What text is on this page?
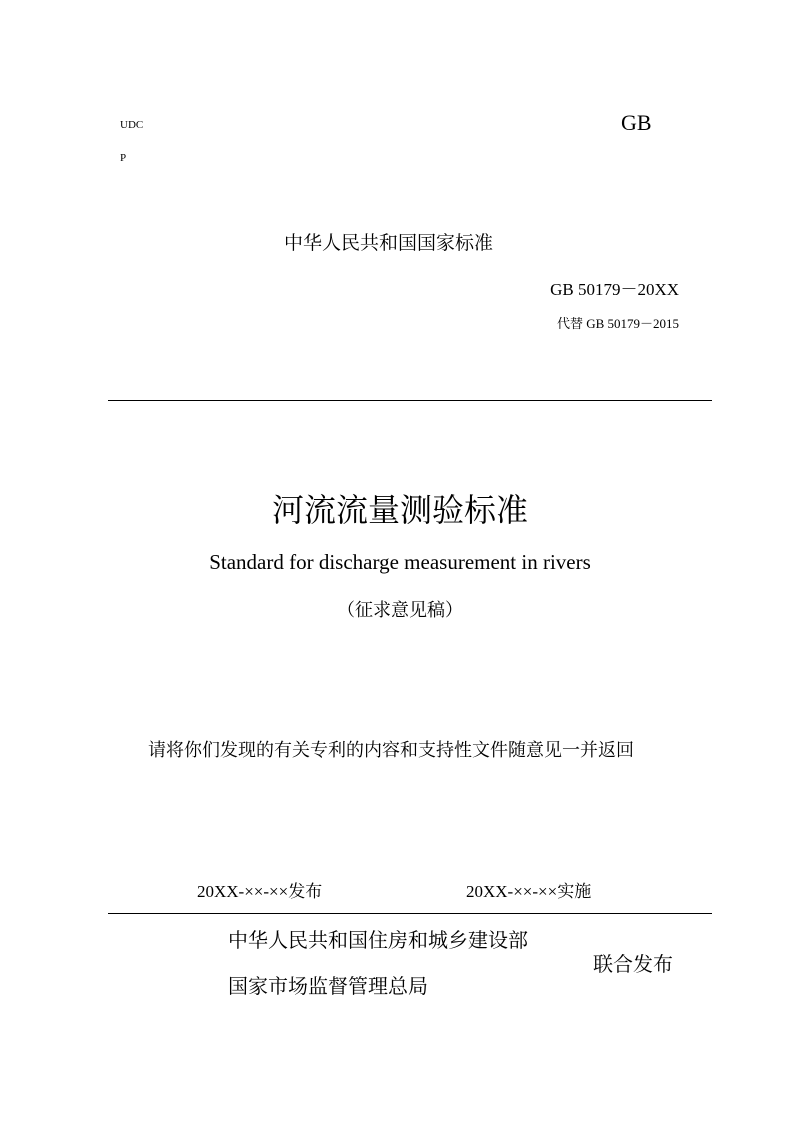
UDC
P
GB
中华人民共和国国家标准
GB 50179－20XX
代替 GB 50179－2015
河流流量测验标准
Standard for discharge measurement in rivers
（征求意见稿）
请将你们发现的有关专利的内容和支持性文件随意见一并返回
20XX-××-××发布	20XX-××-××实施
中华人民共和国住房和城乡建设部
国家市场监督管理总局
联合发布
